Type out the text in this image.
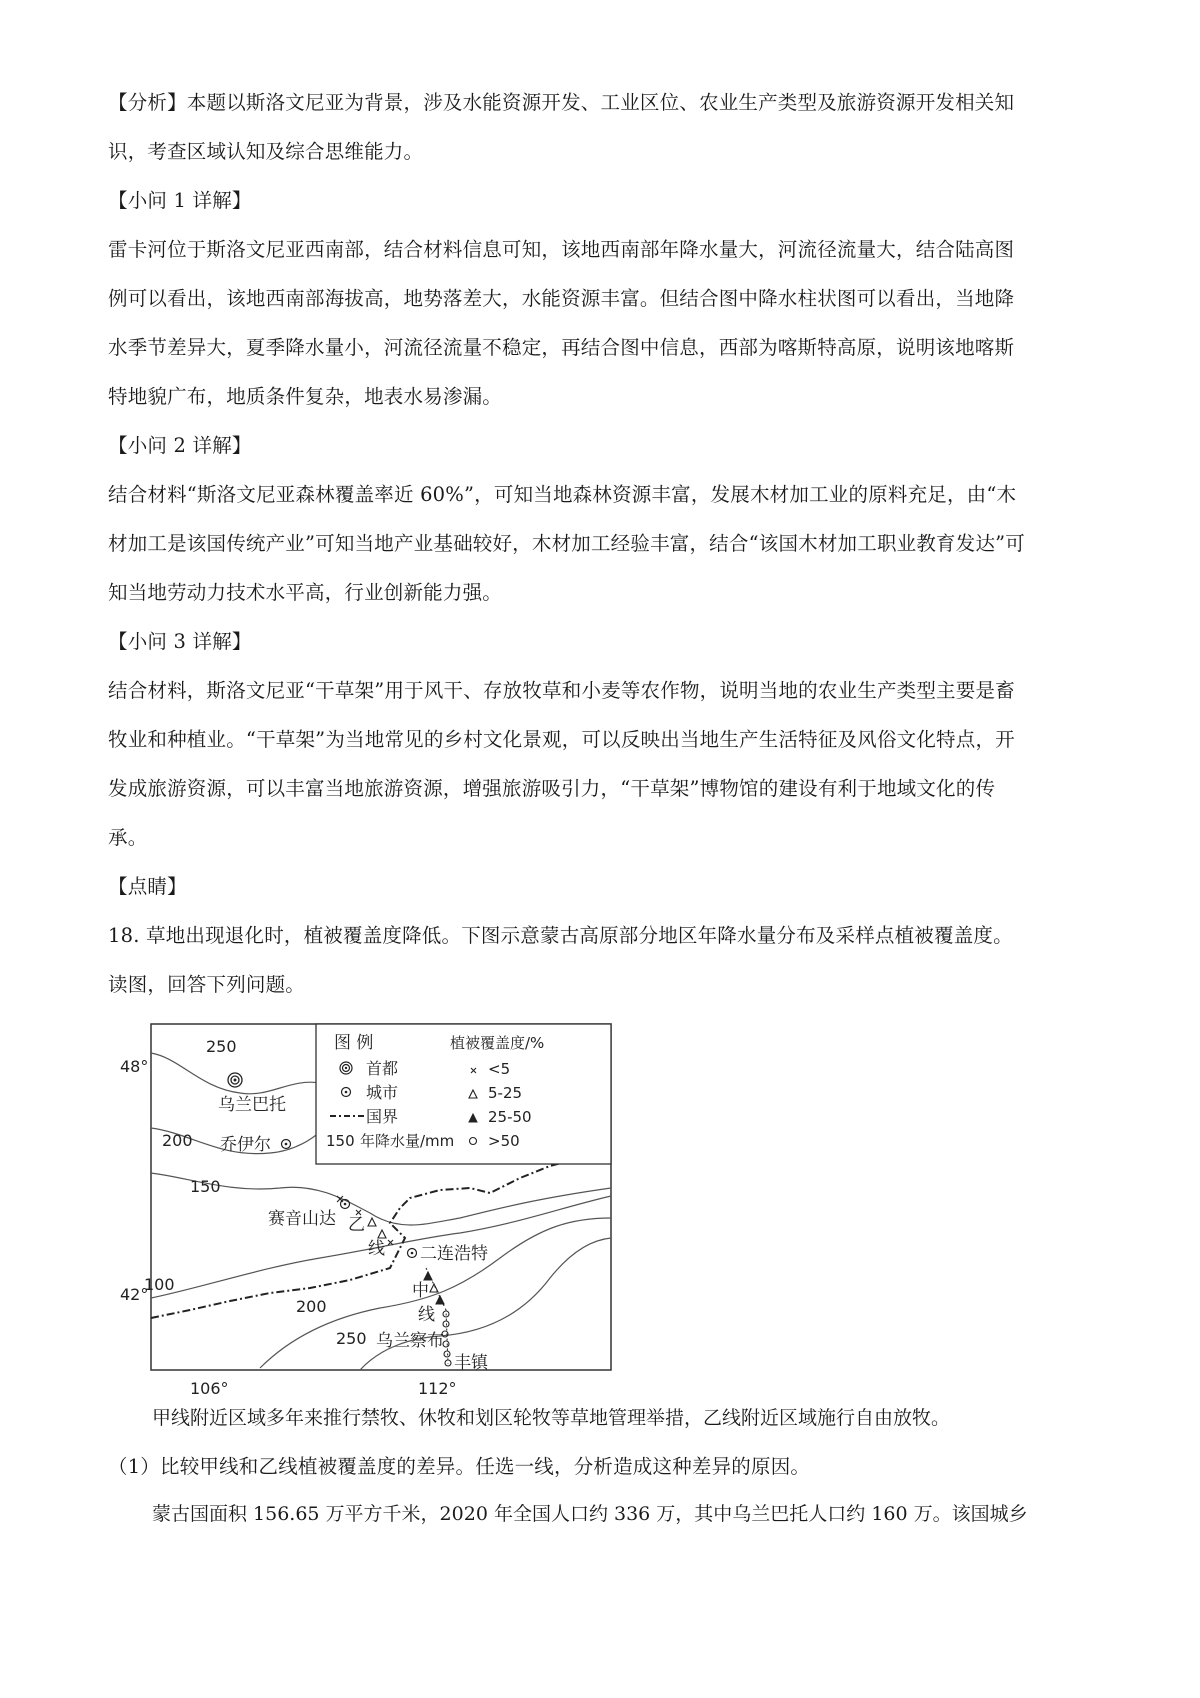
【分析】本题以斯洛文尼亚为背景，涉及水能资源开发、工业区位、农业生产类型及旅游资源开发相关知
识，考查区域认知及综合思维能力。
【小问 1 详解】
雷卡河位于斯洛文尼亚西南部，结合材料信息可知，该地西南部年降水量大，河流径流量大，结合陆高图
例可以看出，该地西南部海拔高，地势落差大，水能资源丰富。但结合图中降水柱状图可以看出，当地降
水季节差异大，夏季降水量小，河流径流量不稳定，再结合图中信息，西部为喀斯特高原，说明该地喀斯
特地貌广布，地质条件复杂，地表水易渗漏。
【小问 2 详解】
结合材料“斯洛文尼亚森林覆盖率近 60%”，可知当地森林资源丰富，发展木材加工业的原料充足，由“木
材加工是该国传统产业”可知当地产业基础较好，木材加工经验丰富，结合“该国木材加工职业教育发达”可
知当地劳动力技术水平高，行业创新能力强。
【小问 3 详解】
结合材料，斯洛文尼亚“干草架”用于风干、存放牧草和小麦等农作物，说明当地的农业生产类型主要是畜
牧业和种植业。“干草架”为当地常见的乡村文化景观，可以反映出当地生产生活特征及风俗文化特点，开
发成旅游资源，可以丰富当地旅游资源，增强旅游吸引力，“干草架”博物馆的建设有利于地域文化的传
承。
【点睛】
18. 草地出现退化时，植被覆盖度降低。下图示意蒙古高原部分地区年降水量分布及采样点植被覆盖度。
读图，回答下列问题。
48°
42°
106°	112°
250
200
150
100
200
250
乌兰巴托
乔伊尔
赛音山达
二连浩特
乌兰察布
丰镇
乙
线
中
线
图 例	植被覆盖度/%
首都
城市
国界
150 年降水量/mm
<5
5-25
25-50
>50
甲线附近区域多年来推行禁牧、休牧和划区轮牧等草地管理举措，乙线附近区域施行自由放牧。
（1）比较甲线和乙线植被覆盖度的差异。任选一线，分析造成这种差异的原因。
蒙古国面积 156.65 万平方千米，2020 年全国人口约 336 万，其中乌兰巴托人口约 160 万。该国城乡
